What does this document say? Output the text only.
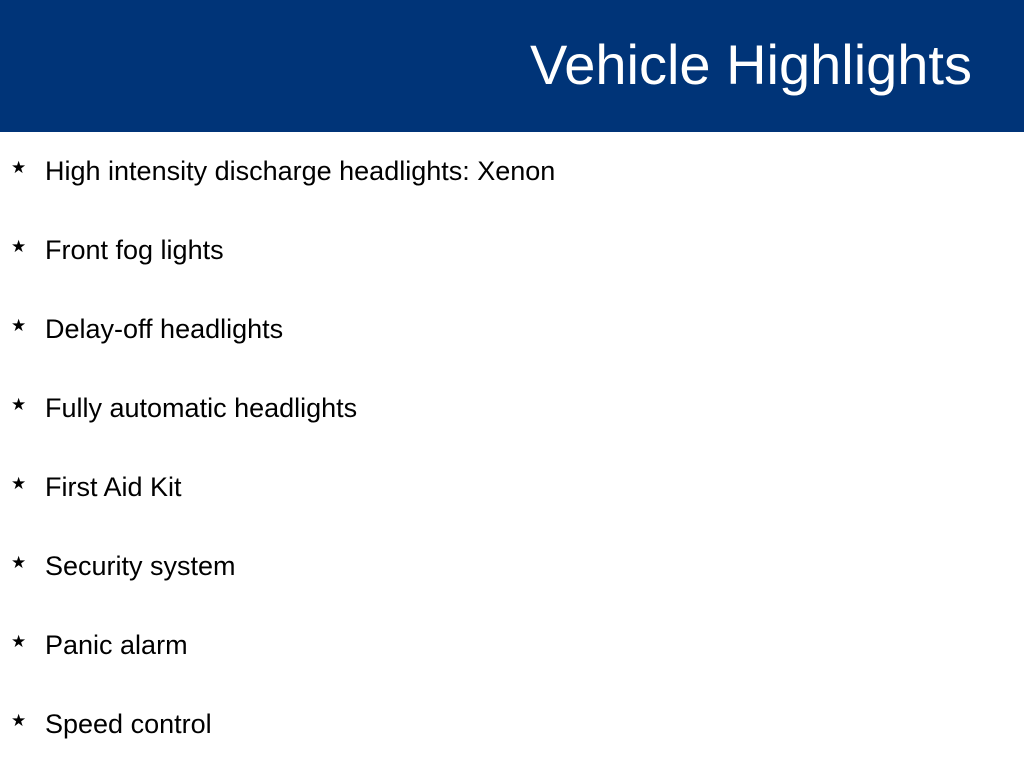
Vehicle Highlights
★ High intensity discharge headlights: Xenon
★ Front fog lights
★ Delay-off headlights
★ Fully automatic headlights
★ First Aid Kit
★ Security system
★ Panic alarm
★ Speed control
